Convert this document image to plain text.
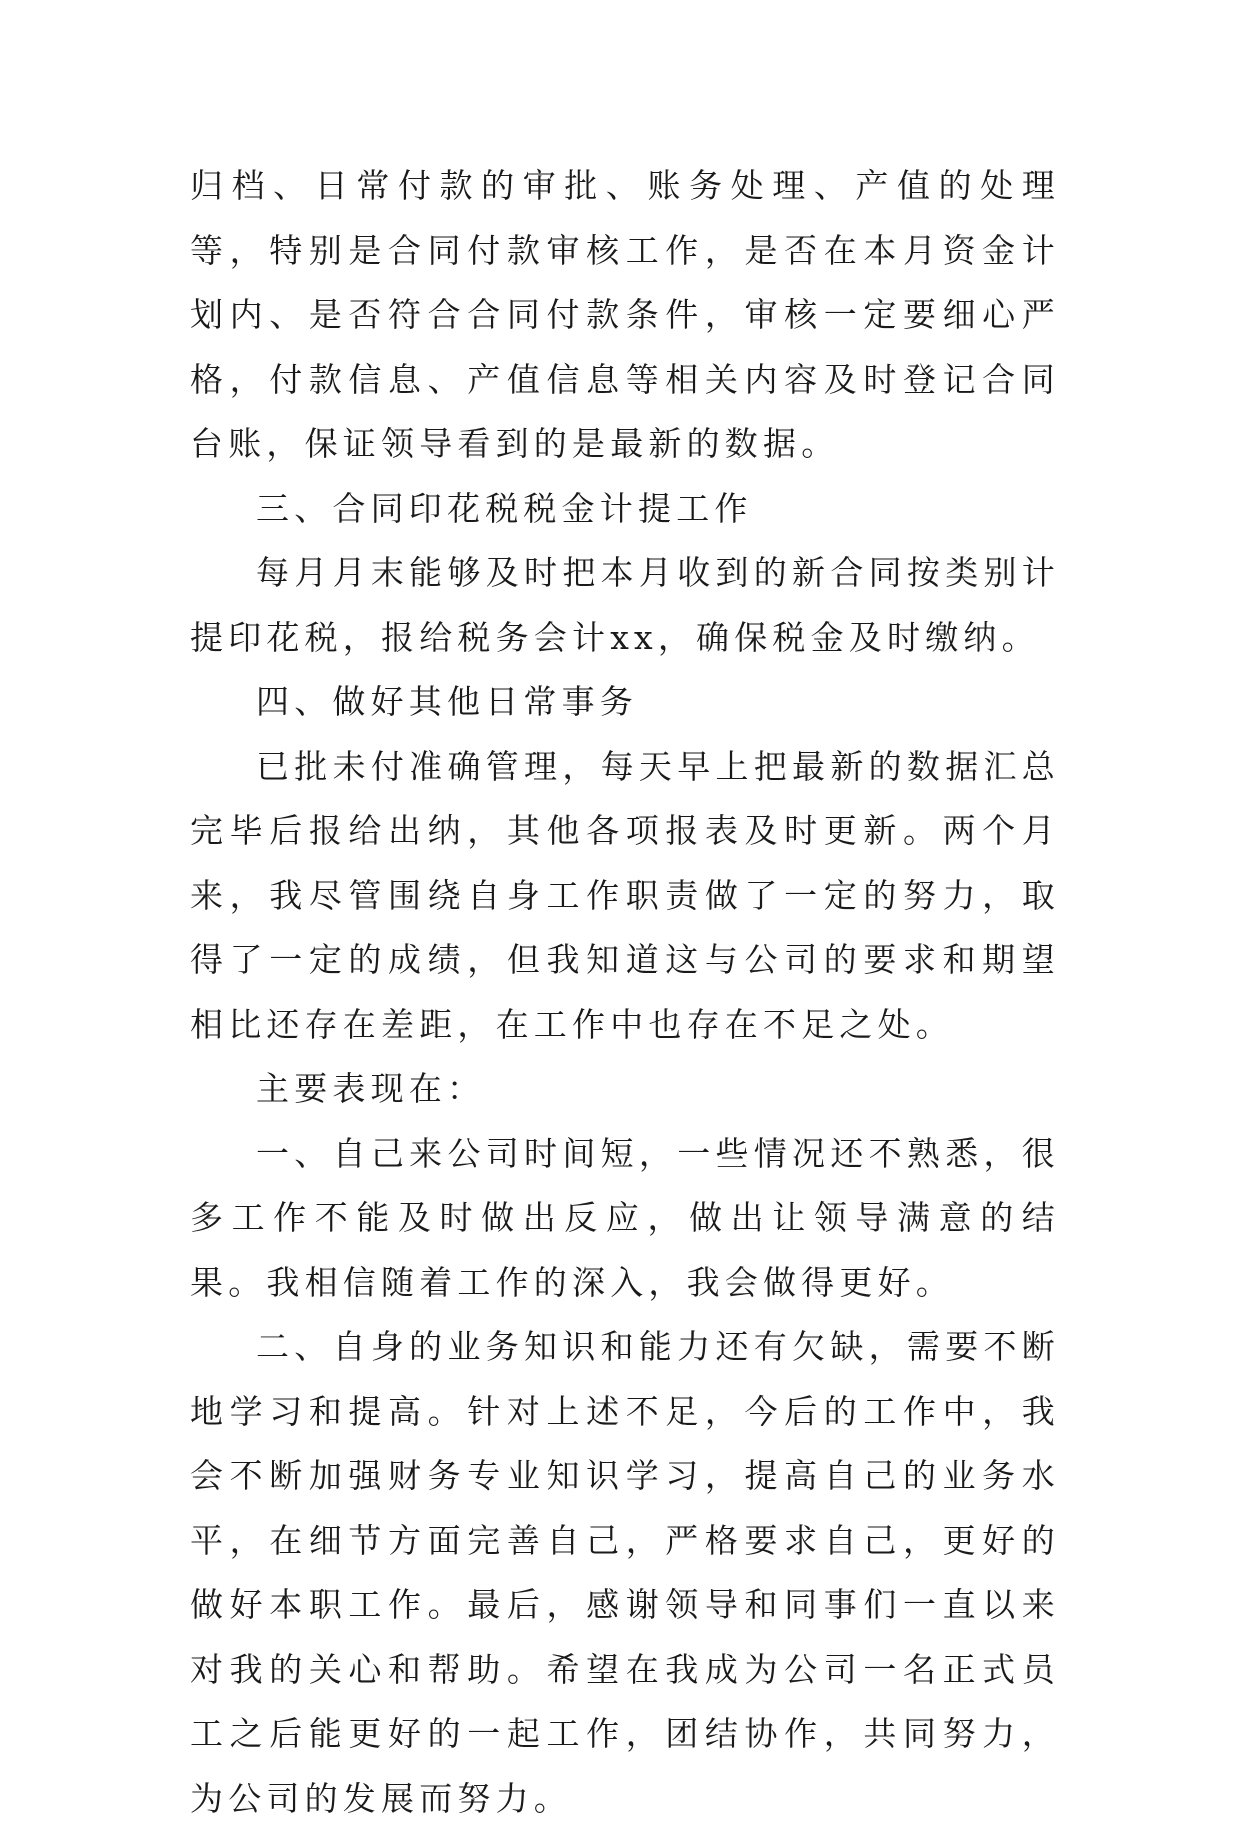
归档、日常付款的审批、账务处理、产值的处理等，特别是合同付款审核工作，是否在本月资金计划内、是否符合合同付款条件，审核一定要细心严格，付款信息、产值信息等相关内容及时登记合同台账，保证领导看到的是最新的数据。

三、合同印花税税金计提工作

每月月末能够及时把本月收到的新合同按类别计提印花税，报给税务会计xx，确保税金及时缴纳。

四、做好其他日常事务

已批未付准确管理，每天早上把最新的数据汇总完毕后报给出纳，其他各项报表及时更新。两个月来，我尽管围绕自身工作职责做了一定的努力，取得了一定的成绩，但我知道这与公司的要求和期望相比还存在差距，在工作中也存在不足之处。

主要表现在：

一、自己来公司时间短，一些情况还不熟悉，很多工作不能及时做出反应，做出让领导满意的结果。我相信随着工作的深入，我会做得更好。

二、自身的业务知识和能力还有欠缺，需要不断地学习和提高。针对上述不足，今后的工作中，我会不断加强财务专业知识学习，提高自己的业务水平，在细节方面完善自己，严格要求自己，更好的做好本职工作。最后，感谢领导和同事们一直以来对我的关心和帮助。希望在我成为公司一名正式员工之后能更好的一起工作，团结协作，共同努力，为公司的发展而努力。
